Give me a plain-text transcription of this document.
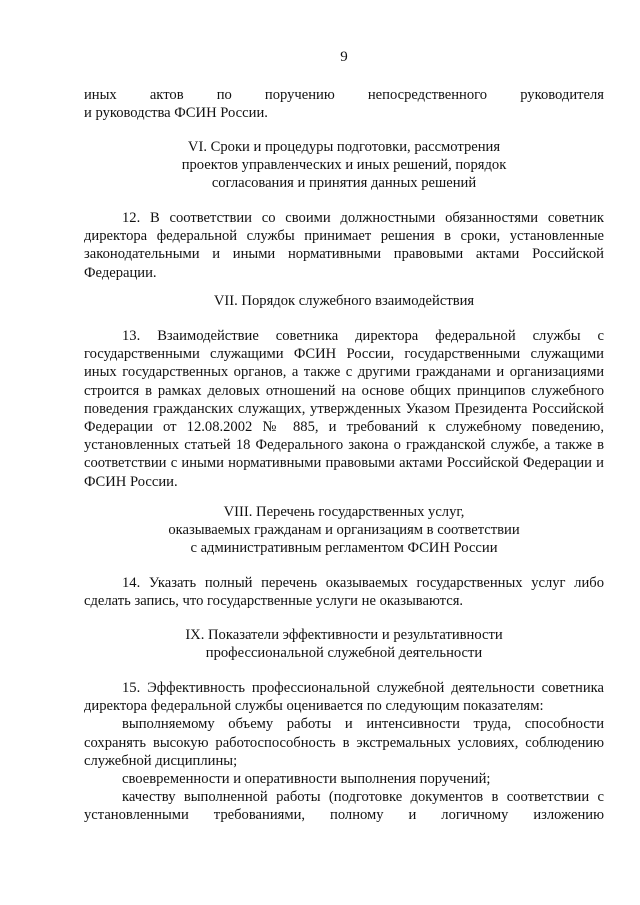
9
иных актов по поручению непосредственного руководителя
и руководства ФСИН России.
VI. Сроки и процедуры подготовки, рассмотрения
проектов управленческих и иных решений, порядок
согласования и принятия данных решений

12. В соответствии со своими должностными обязанностями советник директора федеральной службы принимает решения в сроки, установленные законодательными и иными нормативными правовыми актами Российской Федерации.

VII. Порядок служебного взаимодействия

13. Взаимодействие советника директора федеральной службы с государственными служащими ФСИН России, государственными служащими иных государственных органов, а также с другими гражданами и организациями строится в рамках деловых отношений на основе общих принципов служебного поведения гражданских служащих, утвержденных Указом Президента Российской Федерации от 12.08.2002 № 885, и требований к служебному поведению, установленных статьей 18 Федерального закона о гражданской службе, а также в соответствии с иными нормативными правовыми актами Российской Федерации и ФСИН России.

VIII. Перечень государственных услуг,
оказываемых гражданам и организациям в соответствии
с административным регламентом ФСИН России

14. Указать полный перечень оказываемых государственных услуг либо сделать запись, что государственные услуги не оказываются.

IX. Показатели эффективности и результативности
профессиональной служебной деятельности

15. Эффективность профессиональной служебной деятельности советника директора федеральной службы оценивается по следующим показателям:

выполняемому объему работы и интенсивности труда, способности сохранять высокую работоспособность в экстремальных условиях, соблюдению служебной дисциплины;

своевременности и оперативности выполнения поручений;

качеству выполненной работы (подготовке документов в соответствии с установленными требованиями, полному и логичному изложению
